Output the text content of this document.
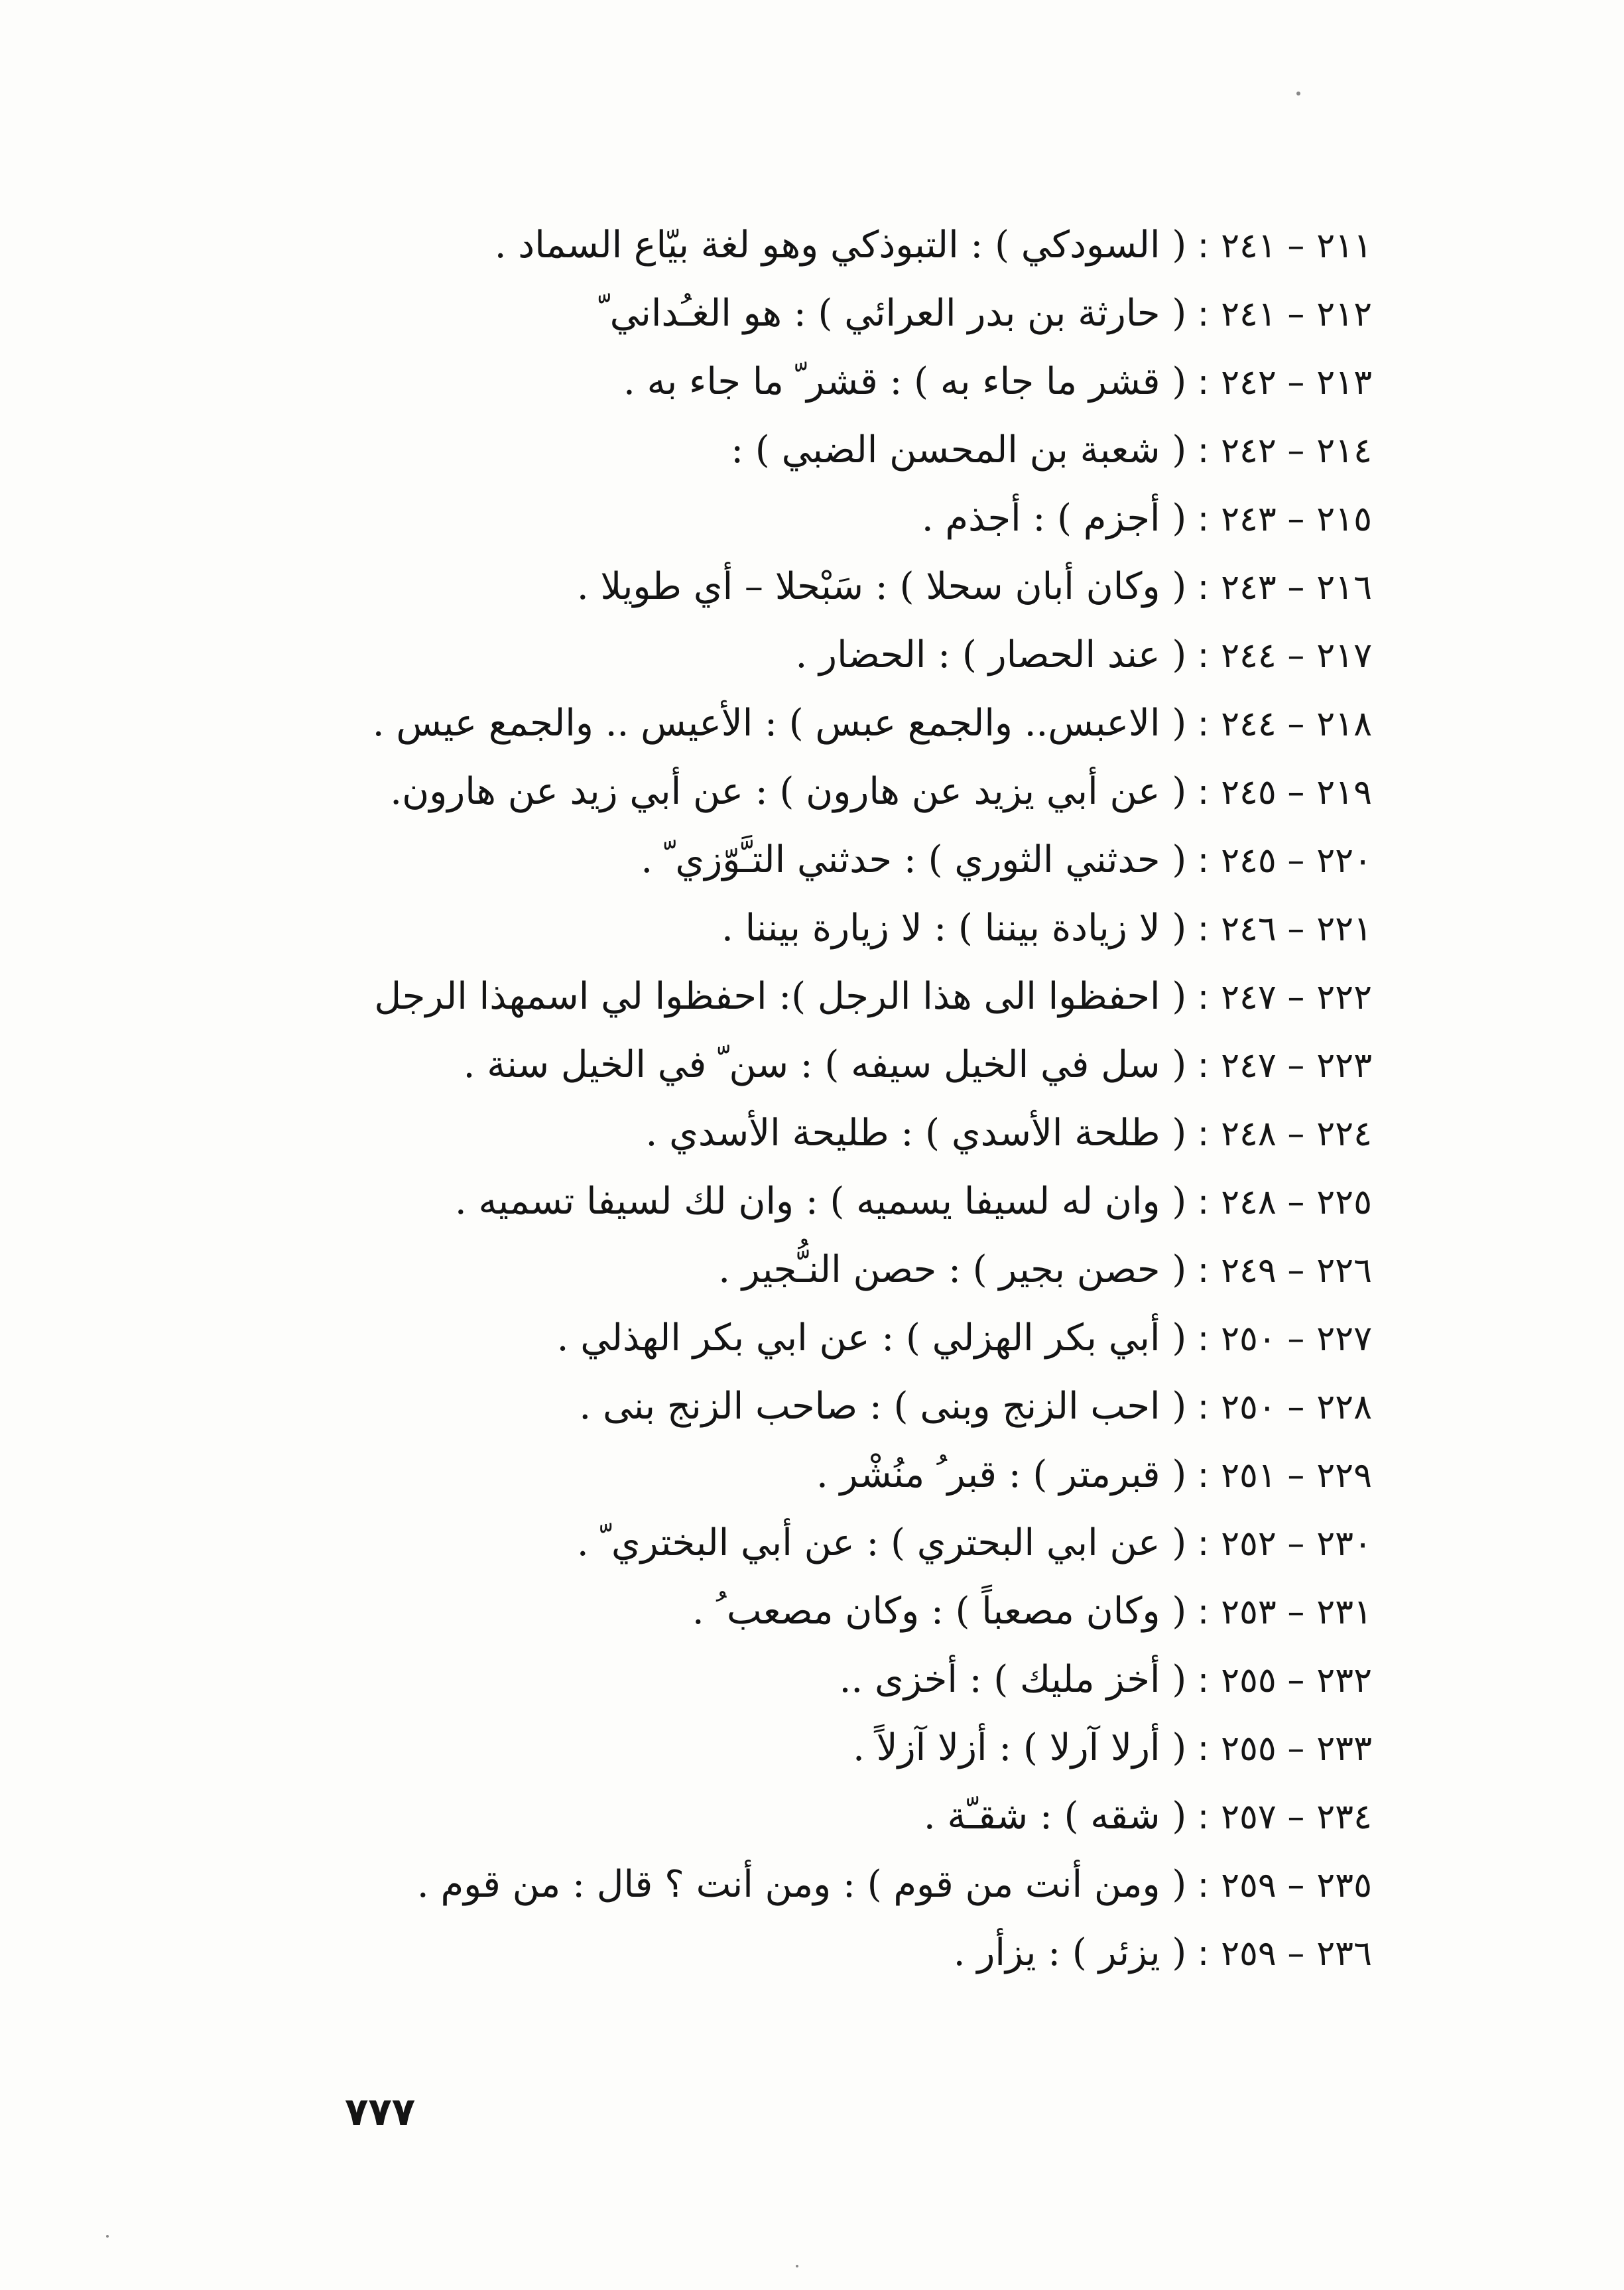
٢١١ – ٢٤١ : ( السودكي ) : التبوذكي وهو لغة بيّاع السماد .
٢١٢ – ٢٤١ : ( حارثة بن بدر العرائي ) : هو الغـُداني ّ
٢١٣ – ٢٤٢ : ( قشر ما جاء به ) : قشر ّ ما جاء به .
٢١٤ – ٢٤٢ : ( شعبة بن المحسن الضبي ) :
٢١٥ – ٢٤٣ : ( أجزم ) : أجذم .
٢١٦ – ٢٤٣ : ( وكان أبان سحلا ) : سَبْحلا – أي طويلا .
٢١٧ – ٢٤٤ : ( عند الحصار ) : الحضار .
٢١٨ – ٢٤٤ : ( الاعبس.. والجمع عبس ) : الأعيس .. والجمع عيس .
٢١٩ – ٢٤٥ : ( عن أبي يزيد عن هارون ) : عن أبي زيد عن هارون.
٢٢٠ – ٢٤٥ : ( حدثني الثوري ) : حدثني التـَّوّزي ّ .
٢٢١ – ٢٤٦ : ( لا زيادة بيننا ) : لا زيارة بيننا .
٢٢٢ – ٢٤٧ : ( احفظوا الى هذا الرجل ): احفظوا لي اسمهذا الرجل
٢٢٣ – ٢٤٧ : ( سل في الخيل سيفه ) : سن ّ في الخيل سنة .
٢٢٤ – ٢٤٨ : ( طلحة الأسدي ) : طليحة الأسدي .
٢٢٥ – ٢٤٨ : ( وان له لسيفا يسميه ) : وان لك لسيفا تسميه .
٢٢٦ – ٢٤٩ : ( حصن بجير ) : حصن النـُّجير .
٢٢٧ – ٢٥٠ : ( أبي بكر الهزلي ) : عن ابي بكر الهذلي .
٢٢٨ – ٢٥٠ : ( احب الزنج وبنى ) : صاحب الزنج بنى .
٢٢٩ – ٢٥١ : ( قبرمتر ) : قبر ُ منُشْر .
٢٣٠ – ٢٥٢ : ( عن ابي البحتري ) : عن أبي البختري ّ .
٢٣١ – ٢٥٣ : ( وكان مصعباً ) : وكان مصعب ُ .
٢٣٢ – ٢٥٥ : ( أخز مليك ) : أخزى ..
٢٣٣ – ٢٥٥ : ( أرلا آرلا ) : أزلا آزلاً .
٢٣٤ – ٢٥٧ : ( شقه ) : شقـّة .
٢٣٥ – ٢٥٩ : ( ومن أنت من قوم ) : ومن أنت ؟ قال : من قوم .
٢٣٦ – ٢٥٩ : ( يزئر ) : يزأر .
٧٧٧
